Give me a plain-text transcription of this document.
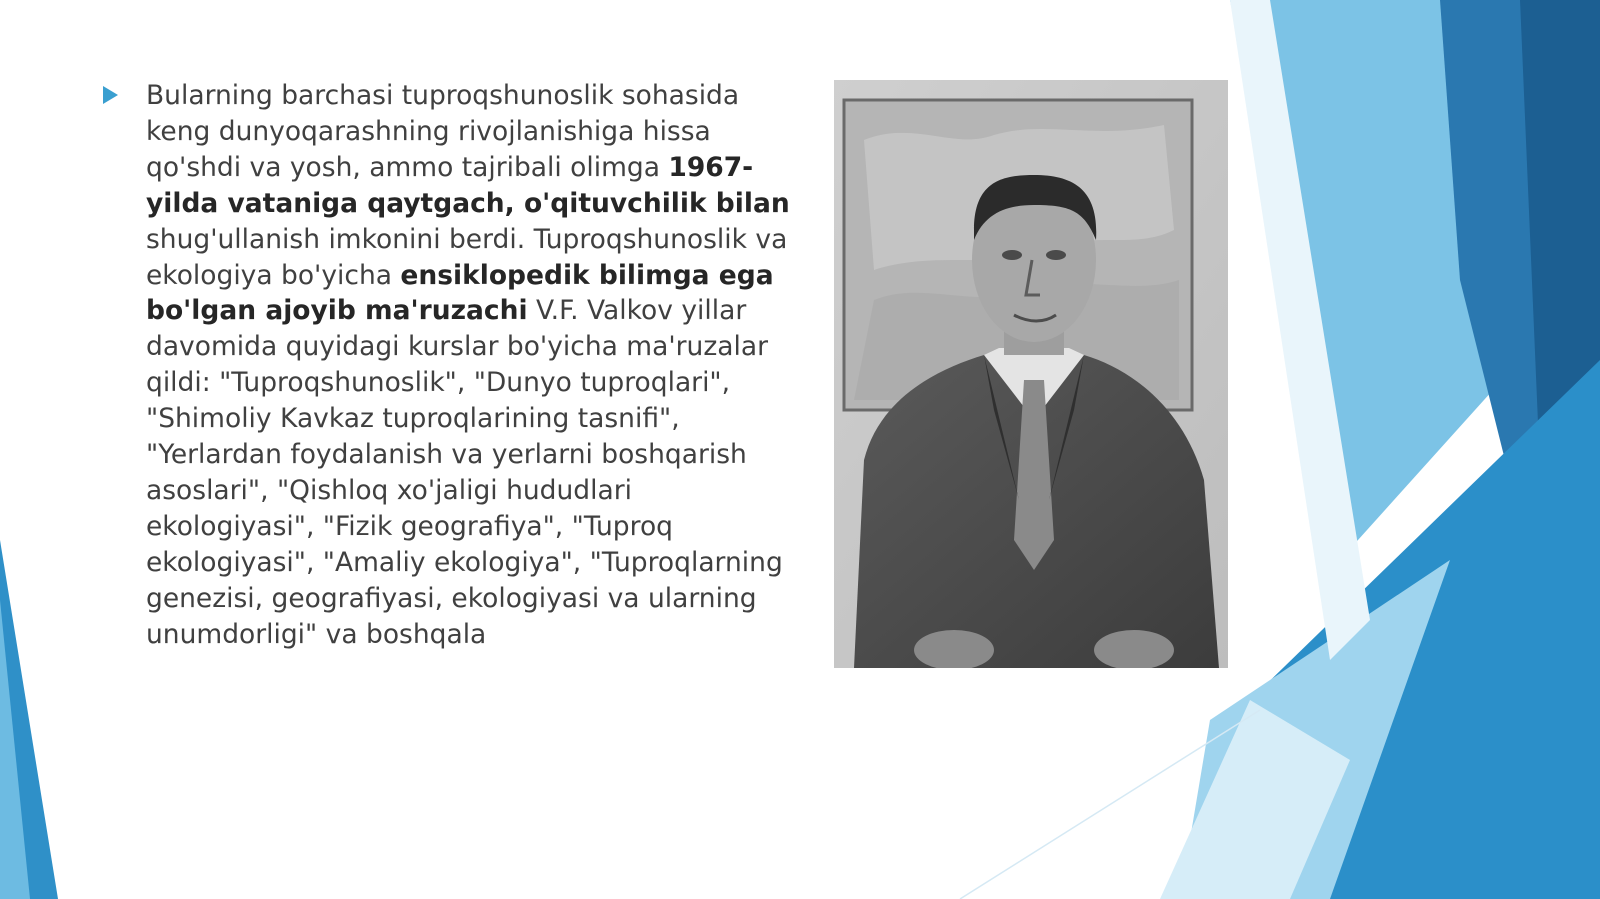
Bularning barchasi tuproqshunoslik sohasida keng dunyoqarashning rivojlanishiga hissa qo'shdi va yosh, ammo tajribali olimga 1967-yilda vataniga qaytgach, o'qituvchilik bilan shug'ullanish imkonini berdi. Tuproqshunoslik va ekologiya bo'yicha ensiklopedik bilimga ega bo'lgan ajoyib ma'ruzachi V.F. Valkov yillar davomida quyidagi kurslar bo'yicha ma'ruzalar qildi: "Tuproqshunoslik", "Dunyo tuproqlari", "Shimoliy Kavkaz tuproqlarining tasnifi", "Yerlardan foydalanish va yerlarni boshqarish asoslari", "Qishloq xo'jaligi hududlari ekologiyasi", "Fizik geografiya", "Tuproq ekologiyasi", "Amaliy ekologiya", "Tuproqlarning genezisi, geografiyasi, ekologiyasi va ularning unumdorligi" va boshqala
